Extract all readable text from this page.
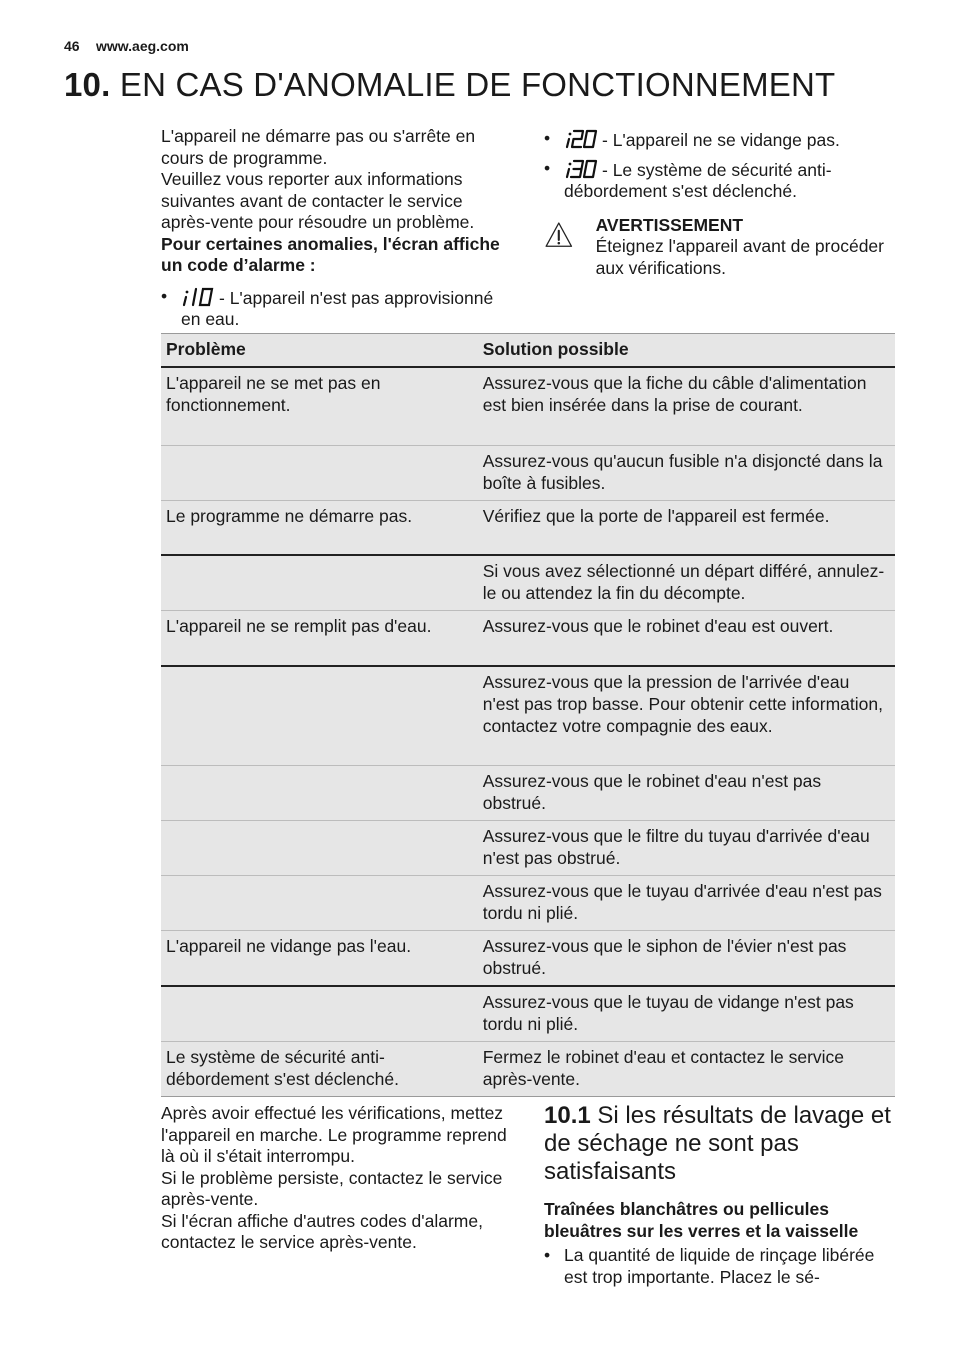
46 www.aeg.com
10. EN CAS D'ANOMALIE DE FONCTIONNEMENT
L'appareil ne démarre pas ou s'arrête en cours de programme.
Veuillez vous reporter aux informations suivantes avant de contacter le service après-vente pour résoudre un problème.
Pour certaines anomalies, l'écran affiche un code d’alarme :
•	- L'appareil n'est pas approvisionné en eau.
•	- L'appareil ne se vidange pas.
•	- Le système de sécurité anti-débordement s'est déclenché.
AVERTISSEMENT
Éteignez l'appareil avant de procéder aux vérifications.
Problème	Solution possible
L'appareil ne se met pas en fonctionnement.	Assurez-vous que la fiche du câble d'alimentation est bien insérée dans la prise de courant.
	Assurez-vous qu'aucun fusible n'a disjoncté dans la boîte à fusibles.
Le programme ne démarre pas.	Vérifiez que la porte de l'appareil est fermée.
	Si vous avez sélectionné un départ différé, annulez-le ou attendez la fin du décompte.
L'appareil ne se remplit pas d'eau.	Assurez-vous que le robinet d'eau est ouvert.
	Assurez-vous que la pression de l'arrivée d'eau n'est pas trop basse. Pour obtenir cette information, contactez votre compagnie des eaux.
	Assurez-vous que le robinet d'eau n'est pas obstrué.
	Assurez-vous que le filtre du tuyau d'arrivée d'eau n'est pas obstrué.
	Assurez-vous que le tuyau d'arrivée d'eau n'est pas tordu ni plié.
L'appareil ne vidange pas l'eau.	Assurez-vous que le siphon de l'évier n'est pas obstrué.
	Assurez-vous que le tuyau de vidange n'est pas tordu ni plié.
Le système de sécurité anti-débordement s'est déclenché.	Fermez le robinet d'eau et contactez le service après-vente.
Après avoir effectué les vérifications, mettez l'appareil en marche. Le programme reprend là où il s'était interrompu.
Si le problème persiste, contactez le service après-vente.
Si l'écran affiche d'autres codes d'alarme, contactez le service après-vente.
10.1 Si les résultats de lavage et de séchage ne sont pas satisfaisants
Traînées blanchâtres ou pellicules bleuâtres sur les verres et la vaisselle
• La quantité de liquide de rinçage libérée est trop importante. Placez le sé-
